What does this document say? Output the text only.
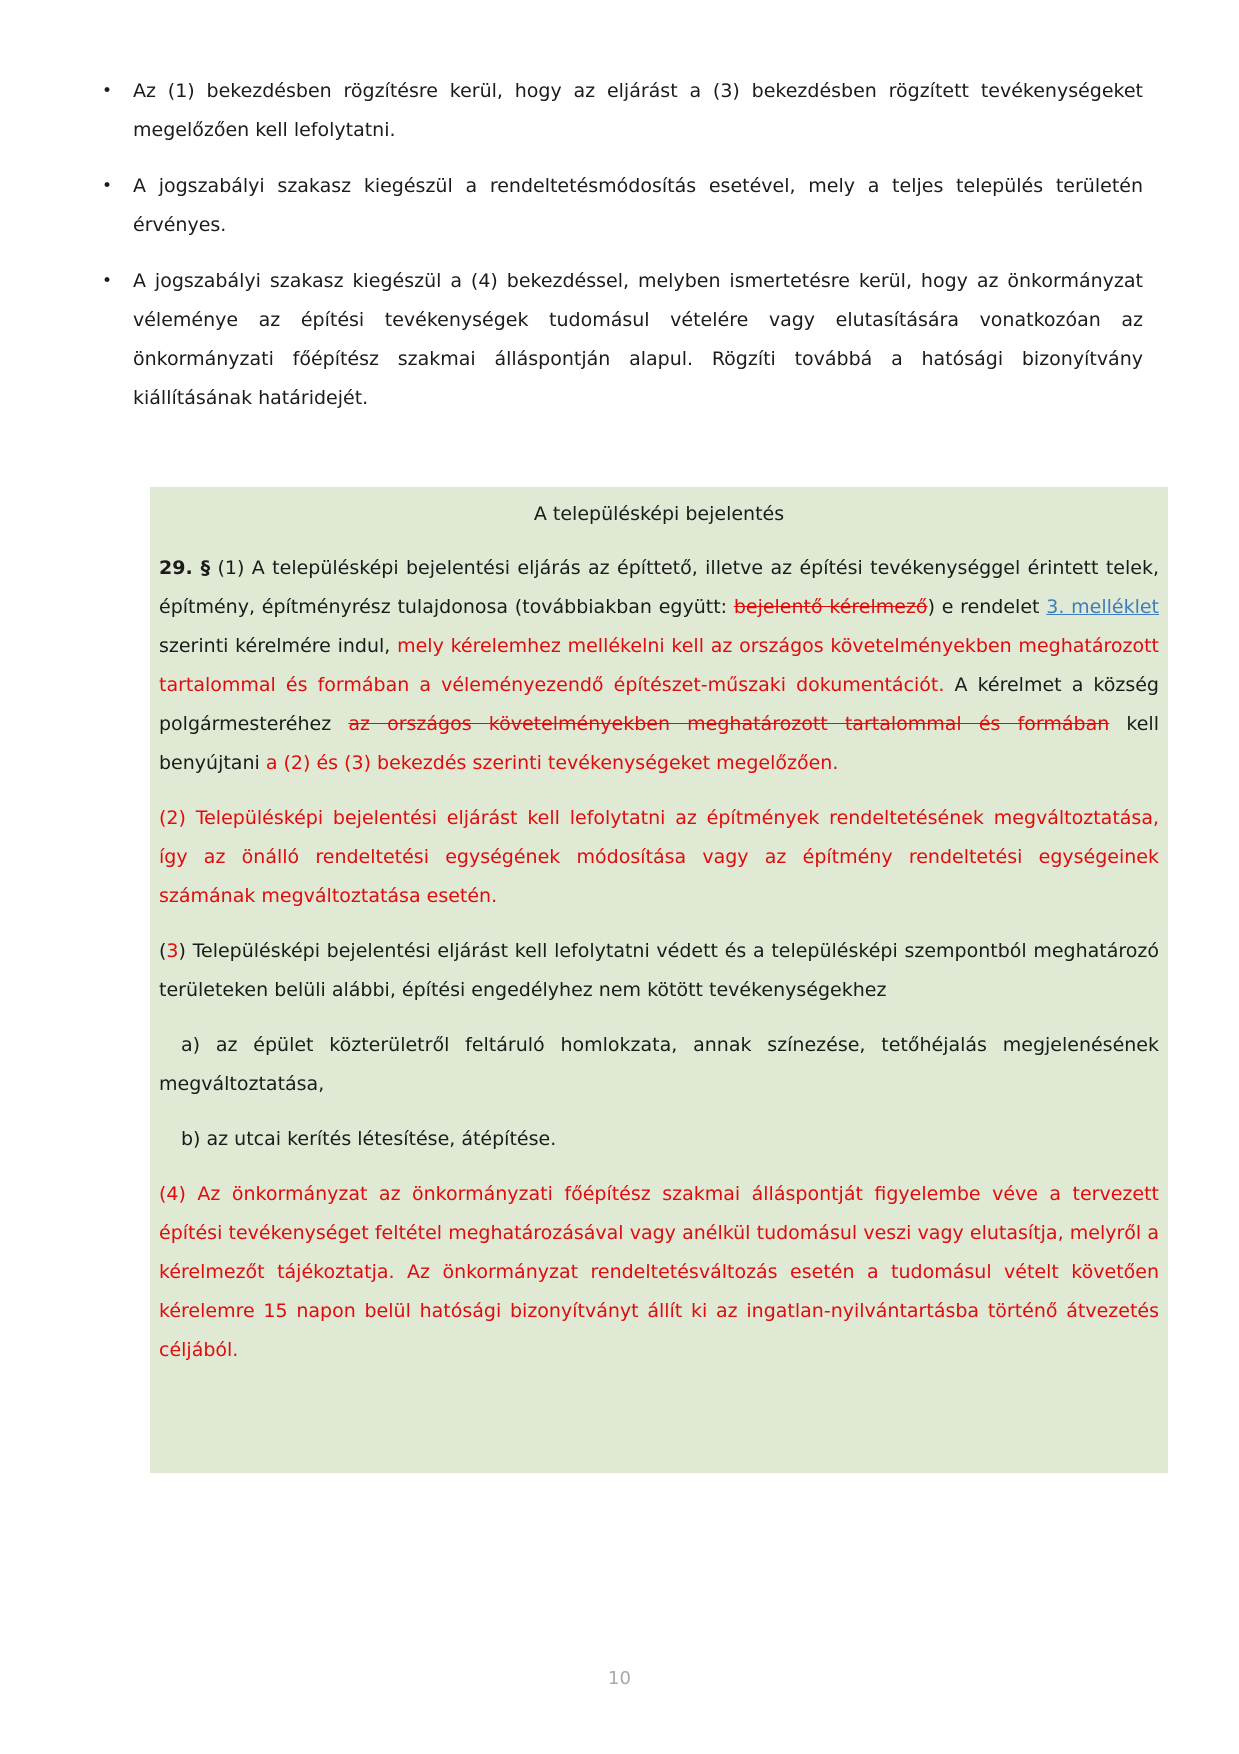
• Az (1) bekezdésben rögzítésre kerül, hogy az eljárást a (3) bekezdésben rögzített tevékenységeket megelőzően kell lefolytatni.
• A jogszabályi szakasz kiegészül a rendeltetésmódosítás esetével, mely a teljes település területén érvényes.
• A jogszabályi szakasz kiegészül a (4) bekezdéssel, melyben ismertetésre kerül, hogy az önkormányzat véleménye az építési tevékenységek tudomásul vételére vagy elutasítására vonatkozóan az önkormányzati főépítész szakmai álláspontján alapul. Rögzíti továbbá a hatósági bizonyítvány kiállításának határidejét.
A településképi bejelentés

29. § (1) A településképi bejelentési eljárás az építtető, illetve az építési tevékenységgel érintett telek, építmény, építményrész tulajdonosa (továbbiakban együtt: bejelentő kérelmező) e rendelet 3. melléklet szerinti kérelmére indul, mely kérelemhez mellékelni kell az országos követelményekben meghatározott tartalommal és formában a véleményezendő építészet-műszaki dokumentációt. A kérelmet a község polgármesteréhez az országos követelményekben meghatározott tartalommal és formában kell benyújtani a (2) és (3) bekezdés szerinti tevékenységeket megelőzően.

(2) Településképi bejelentési eljárást kell lefolytatni az építmények rendeltetésének megváltoztatása, így az önálló rendeltetési egységének módosítása vagy az építmény rendeltetési egységeinek számának megváltoztatása esetén.

(3) Településképi bejelentési eljárást kell lefolytatni védett és a településképi szempontból meghatározó területeken belüli alábbi, építési engedélyhez nem kötött tevékenységekhez

a) az épület közterületről feltáruló homlokzata, annak színezése, tetőhéjalás megjelenésének megváltoztatása,

b) az utcai kerítés létesítése, átépítése.

(4) Az önkormányzat az önkormányzati főépítész szakmai álláspontját figyelembe véve a tervezett építési tevékenységet feltétel meghatározásával vagy anélkül tudomásul veszi vagy elutasítja, melyről a kérelmezőt tájékoztatja. Az önkormányzat rendeltetésváltozás esetén a tudomásul vételt követően kérelemre 15 napon belül hatósági bizonyítványt állít ki az ingatlan-nyilvántartásba történő átvezetés céljából.

10
